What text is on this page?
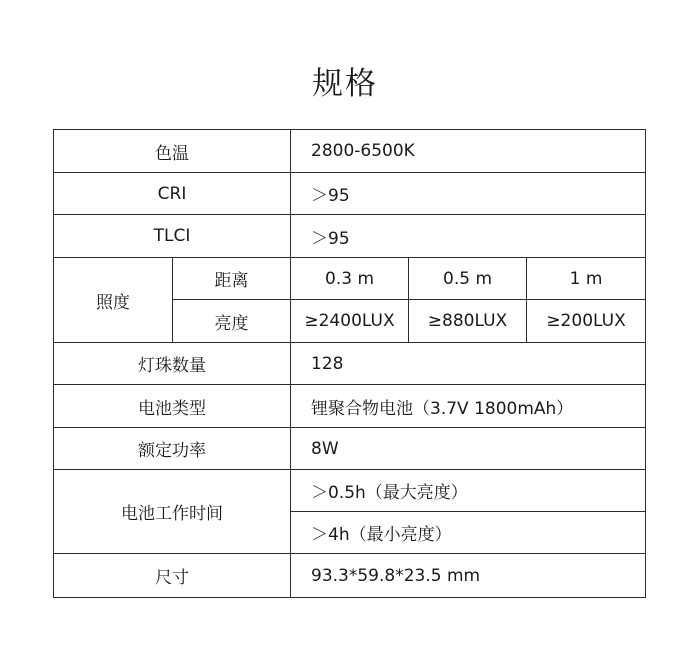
规格
色温		2800-6500K		
CRI		＞95		
TLCI		＞95		
照度	距离	0.3 m	0.5 m	1 m
	亮度	≥2400LUX	≥880LUX	≥200LUX
灯珠数量		128		
电池类型		锂聚合物电池（3.7V 1800mAh）		
额定功率		8W		
电池工作时间		＞0.5h（最大亮度）		
		＞4h（最小亮度）		
尺寸		93.3*59.8*23.5 mm		
